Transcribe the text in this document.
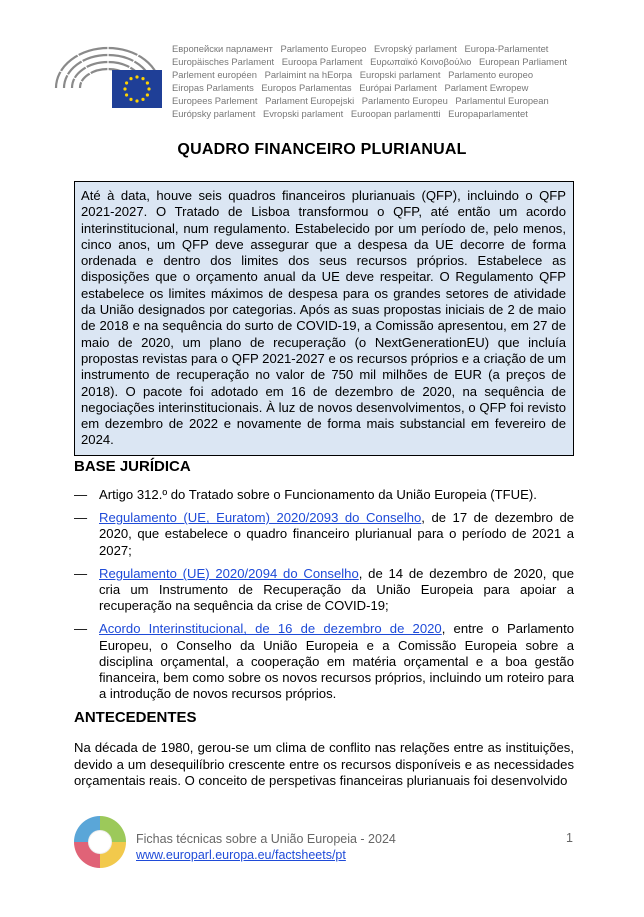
Европейски парламент Parlamento Europeo Evropský parlament Europa-Parlamentet Europäisches Parlament Euroopa Parlament Ευρωπαϊκό Κοινοβούλιο European Parliament Parlement européen Parlaimint na hEorpa Europski parlament Parlamento europeo Eiropas Parlaments Europos Parlamentas Európai Parlament Parlament Ewropew Europees Parlement Parlament Europejski Parlamento Europeu Parlamentul European Európsky parlament Evropski parlament Euroopan parlamentti Europaparlamentet
QUADRO FINANCEIRO PLURIANUAL
Até à data, houve seis quadros financeiros plurianuais (QFP), incluindo o QFP 2021-2027. O Tratado de Lisboa transformou o QFP, até então um acordo interinstitucional, num regulamento. Estabelecido por um período de, pelo menos, cinco anos, um QFP deve assegurar que a despesa da UE decorre de forma ordenada e dentro dos limites dos seus recursos próprios. Estabelece as disposições que o orçamento anual da UE deve respeitar. O Regulamento QFP estabelece os limites máximos de despesa para os grandes setores de atividade da União designados por categorias. Após as suas propostas iniciais de 2 de maio de 2018 e na sequência do surto de COVID-19, a Comissão apresentou, em 27 de maio de 2020, um plano de recuperação (o NextGenerationEU) que incluía propostas revistas para o QFP 2021-2027 e os recursos próprios e a criação de um instrumento de recuperação no valor de 750 mil milhões de EUR (a preços de 2018). O pacote foi adotado em 16 de dezembro de 2020, na sequência de negociações interinstitucionais. À luz de novos desenvolvimentos, o QFP foi revisto em dezembro de 2022 e novamente de forma mais substancial em fevereiro de 2024.
BASE JURÍDICA
— Artigo 312.º do Tratado sobre o Funcionamento da União Europeia (TFUE).
— Regulamento (UE, Euratom) 2020/2093 do Conselho, de 17 de dezembro de 2020, que estabelece o quadro financeiro plurianual para o período de 2021 a 2027;
— Regulamento (UE) 2020/2094 do Conselho, de 14 de dezembro de 2020, que cria um Instrumento de Recuperação da União Europeia para apoiar a recuperação na sequência da crise de COVID-19;
— Acordo Interinstitucional, de 16 de dezembro de 2020, entre o Parlamento Europeu, o Conselho da União Europeia e a Comissão Europeia sobre a disciplina orçamental, a cooperação em matéria orçamental e a boa gestão financeira, bem como sobre os novos recursos próprios, incluindo um roteiro para a introdução de novos recursos próprios.
ANTECEDENTES
Na década de 1980, gerou-se um clima de conflito nas relações entre as instituições, devido a um desequilíbrio crescente entre os recursos disponíveis e as necessidades orçamentais reais. O conceito de perspetivas financeiras plurianuais foi desenvolvido
Fichas técnicas sobre a União Europeia - 2024
www.europarl.europa.eu/factsheets/pt
1
